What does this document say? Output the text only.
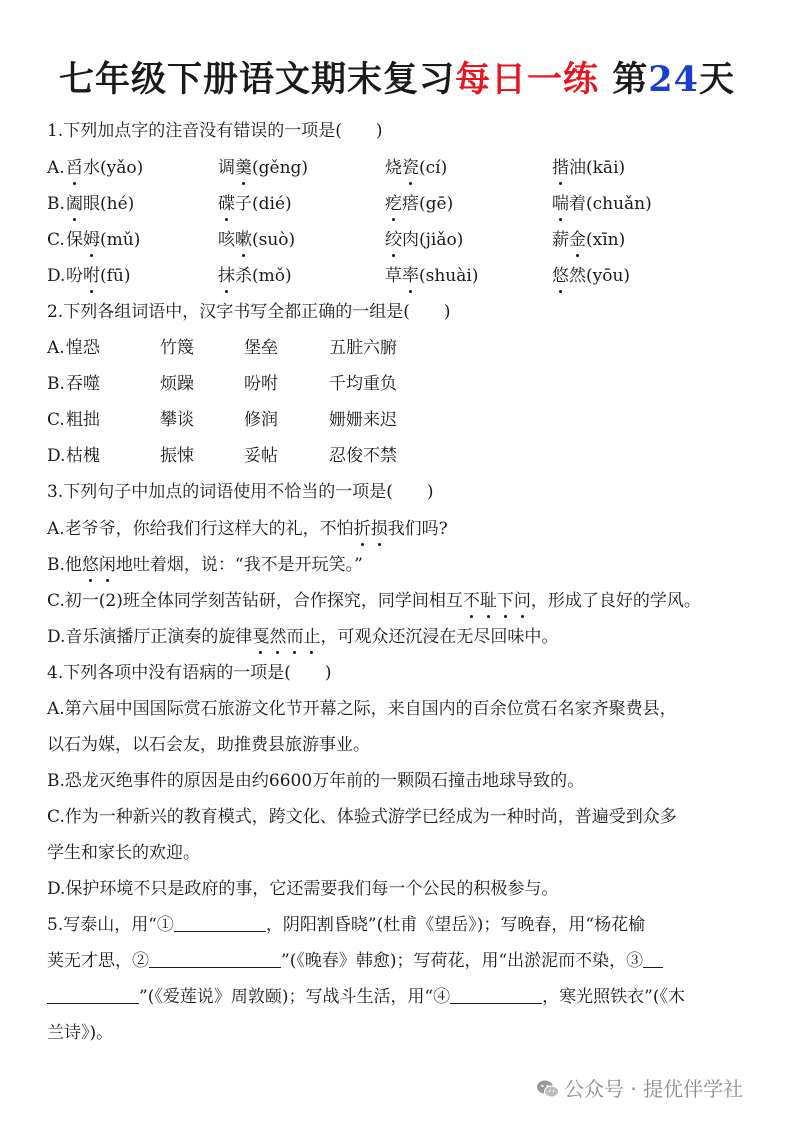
七年级下册语文期末复习每日一练 第24天
1.下列加点字的注音没有错误的一项是(　　)
A. 舀水(yǎo)	调羹(gěng)	烧瓷(cí)	揩油(kāi)
B. 阖眼(hé)	碟子(dié)	疙瘩(gē)	喘着(chuǎn)
C. 保姆(mǔ)	咳嗽(suò)	绞肉(jiǎo)	薪金(xīn)
D. 吩咐(fū)	抹杀(mǒ)	草率(shuài)	悠然(yōu)
2.下列各组词语中，汉字书写全都正确的一组是(　　)
A. 惶恐	竹篾	堡垒	五脏六腑
B. 吞噬	烦躁	吩咐	千均重负
C. 粗拙	攀谈	修润	姗姗来迟
D. 枯槐	振悚	妥帖	忍俊不禁
3.下列句子中加点的词语使用不恰当的一项是(　　)
A.老爷爷，你给我们行这样大的礼，不怕折损我们吗?
B.他悠闲地吐着烟，说：“我不是开玩笑。”
C.初一(2)班全体同学刻苦钻研，合作探究，同学间相互不耻下问，形成了良好的学风。
D.音乐演播厅正演奏的旋律戛然而止，可观众还沉浸在无尽回味中。
4.下列各项中没有语病的一项是(　　)
A.第六届中国国际赏石旅游文化节开幕之际，来自国内的百余位赏石名家齐聚费县，
以石为媒，以石会友，助推费县旅游事业。
B.恐龙灭绝事件的原因是由约6600万年前的一颗陨石撞击地球导致的。
C.作为一种新兴的教育模式，跨文化、体验式游学已经成为一种时尚，普遍受到众多
学生和家长的欢迎。
D.保护环境不只是政府的事，它还需要我们每一个公民的积极参与。
5.写泰山，用“①	，阴阳割昏晓”(杜甫《望岳》)；写晚春，用“杨花榆
荚无才思，②	”(《晚春》韩愈)；写荷花，用“出淤泥而不染，③
”(《爱莲说》周敦颐)；写战斗生活，用“④	，寒光照铁衣”(《木
兰诗》)。
公众号 · 提优伴学社
